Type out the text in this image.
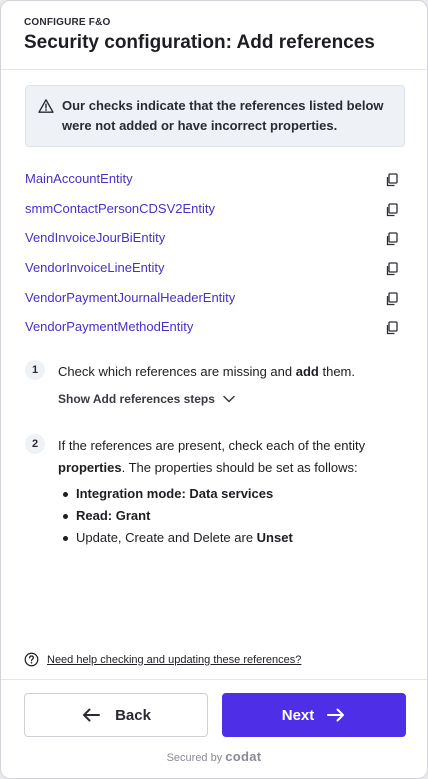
CONFIGURE F&O
Security configuration: Add references
Our checks indicate that the references listed below were not added or have incorrect properties.
MainAccountEntity
smmContactPersonCDSV2Entity
VendInvoiceJourBiEntity
VendorInvoiceLineEntity
VendorPaymentJournalHeaderEntity
VendorPaymentMethodEntity
1	Check which references are missing and add them.
Show Add references steps
2	If the references are present, check each of the entity properties. The properties should be set as follows:
Integration mode: Data services
Read: Grant
Update, Create and Delete are Unset
Need help checking and updating these references?
Back	Next
Secured by codat
